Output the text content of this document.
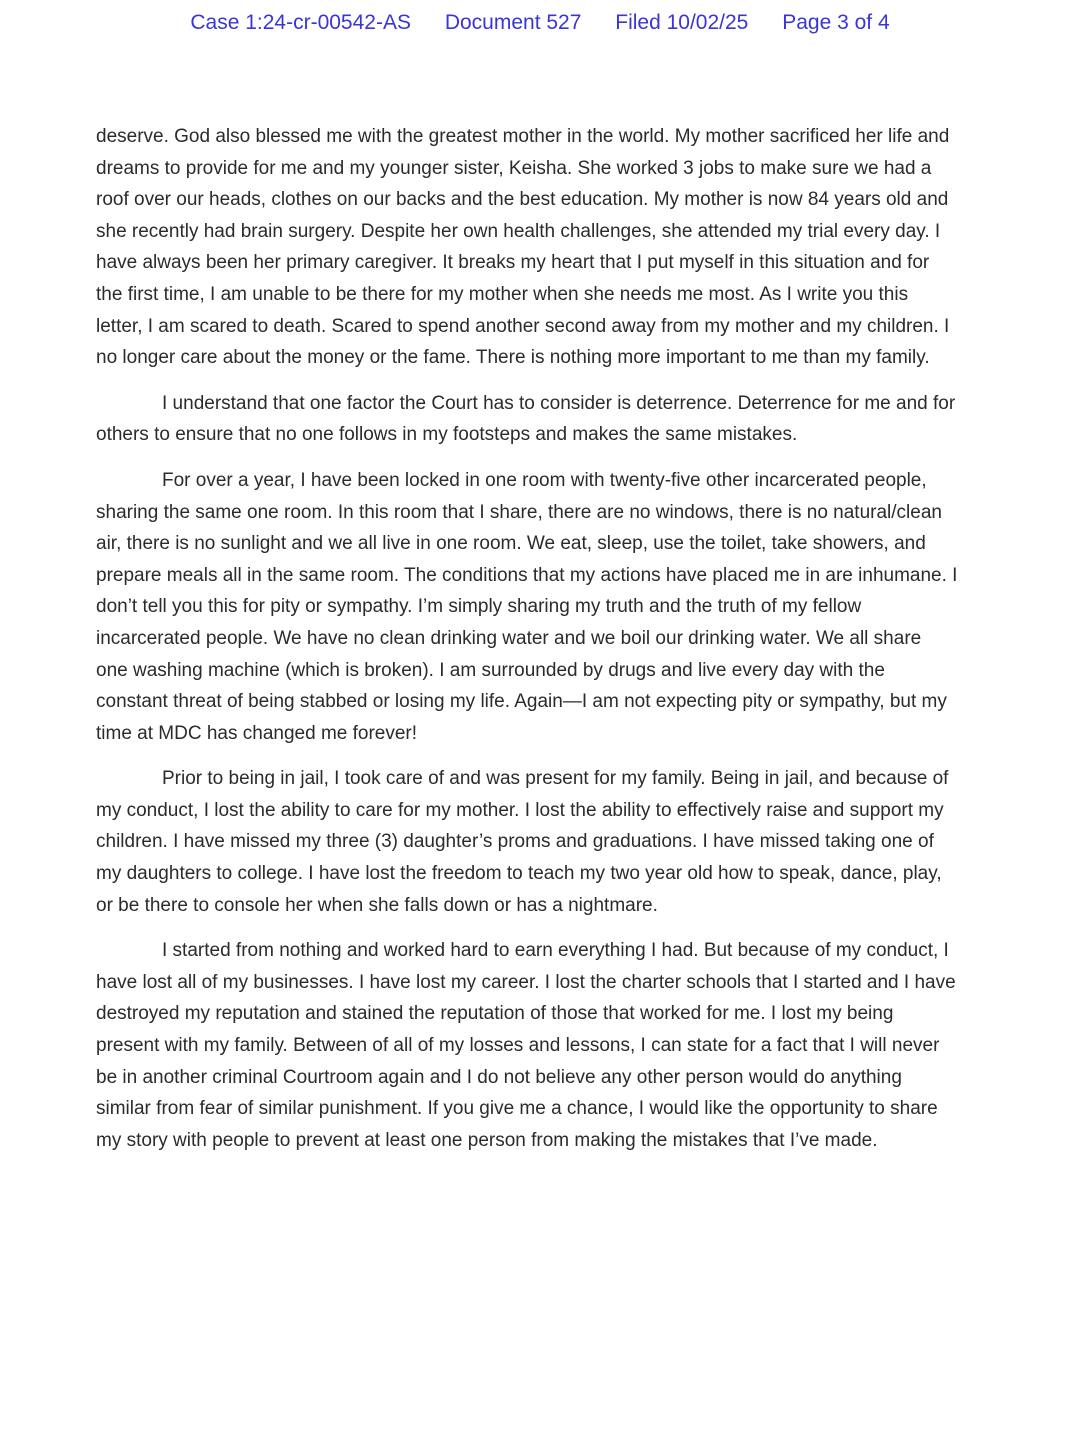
Case 1:24-cr-00542-AS Document 527 Filed 10/02/25 Page 3 of 4

deserve. God also blessed me with the greatest mother in the world. My mother sacrificed her life and dreams to provide for me and my younger sister, Keisha. She worked 3 jobs to make sure we had a roof over our heads, clothes on our backs and the best education. My mother is now 84 years old and she recently had brain surgery. Despite her own health challenges, she attended my trial every day. I have always been her primary caregiver. It breaks my heart that I put myself in this situation and for the first time, I am unable to be there for my mother when she needs me most. As I write you this letter, I am scared to death. Scared to spend another second away from my mother and my children. I no longer care about the money or the fame. There is nothing more important to me than my family.

I understand that one factor the Court has to consider is deterrence. Deterrence for me and for others to ensure that no one follows in my footsteps and makes the same mistakes.

For over a year, I have been locked in one room with twenty-five other incarcerated people, sharing the same one room. In this room that I share, there are no windows, there is no natural/clean air, there is no sunlight and we all live in one room. We eat, sleep, use the toilet, take showers, and prepare meals all in the same room. The conditions that my actions have placed me in are inhumane. I don’t tell you this for pity or sympathy. I’m simply sharing my truth and the truth of my fellow incarcerated people. We have no clean drinking water and we boil our drinking water. We all share one washing machine (which is broken). I am surrounded by drugs and live every day with the constant threat of being stabbed or losing my life. Again—I am not expecting pity or sympathy, but my time at MDC has changed me forever!

Prior to being in jail, I took care of and was present for my family. Being in jail, and because of my conduct, I lost the ability to care for my mother. I lost the ability to effectively raise and support my children. I have missed my three (3) daughter’s proms and graduations. I have missed taking one of my daughters to college. I have lost the freedom to teach my two year old how to speak, dance, play, or be there to console her when she falls down or has a nightmare.

I started from nothing and worked hard to earn everything I had. But because of my conduct, I have lost all of my businesses. I have lost my career. I lost the charter schools that I started and I have destroyed my reputation and stained the reputation of those that worked for me. I lost my being present with my family. Between of all of my losses and lessons, I can state for a fact that I will never be in another criminal Courtroom again and I do not believe any other person would do anything similar from fear of similar punishment. If you give me a chance, I would like the opportunity to share my story with people to prevent at least one person from making the mistakes that I’ve made.
